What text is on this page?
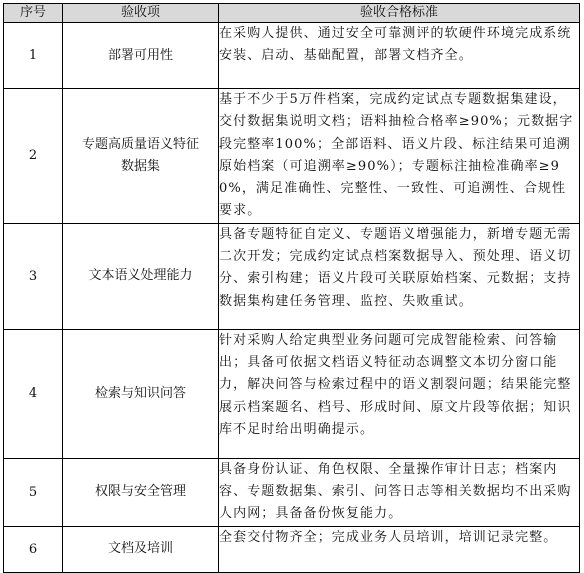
序号	验收项	验收合格标准
1	部署可用性	在采购人提供、通过安全可靠测评的软硬件环境完成系统安装、启动、基础配置，部署文档齐全。
2	专题高质量语义特征数据集	基于不少于5万件档案，完成约定试点专题数据集建设，交付数据集说明文档；语料抽检合格率≥90%；元数据字段完整率100%；全部语料、语义片段、标注结果可追溯原始档案（可追溯率≥90%）；专题标注抽检准确率≥90%，满足准确性、完整性、一致性、可追溯性、合规性要求。
3	文本语义处理能力	具备专题特征自定义、专题语义增强能力，新增专题无需二次开发；完成约定试点档案数据导入、预处理、语义切分、索引构建；语义片段可关联原始档案、元数据；支持数据集构建任务管理、监控、失败重试。
4	检索与知识问答	针对采购人给定典型业务问题可完成智能检索、问答输出；具备可依据文档语义特征动态调整文本切分窗口能力，解决问答与检索过程中的语义割裂问题；结果能完整展示档案题名、档号、形成时间、原文片段等依据；知识库不足时给出明确提示。
5	权限与安全管理	具备身份认证、角色权限、全量操作审计日志；档案内容、专题数据集、索引、问答日志等相关数据均不出采购人内网；具备备份恢复能力。
6	文档及培训	全套交付物齐全；完成业务人员培训，培训记录完整。
